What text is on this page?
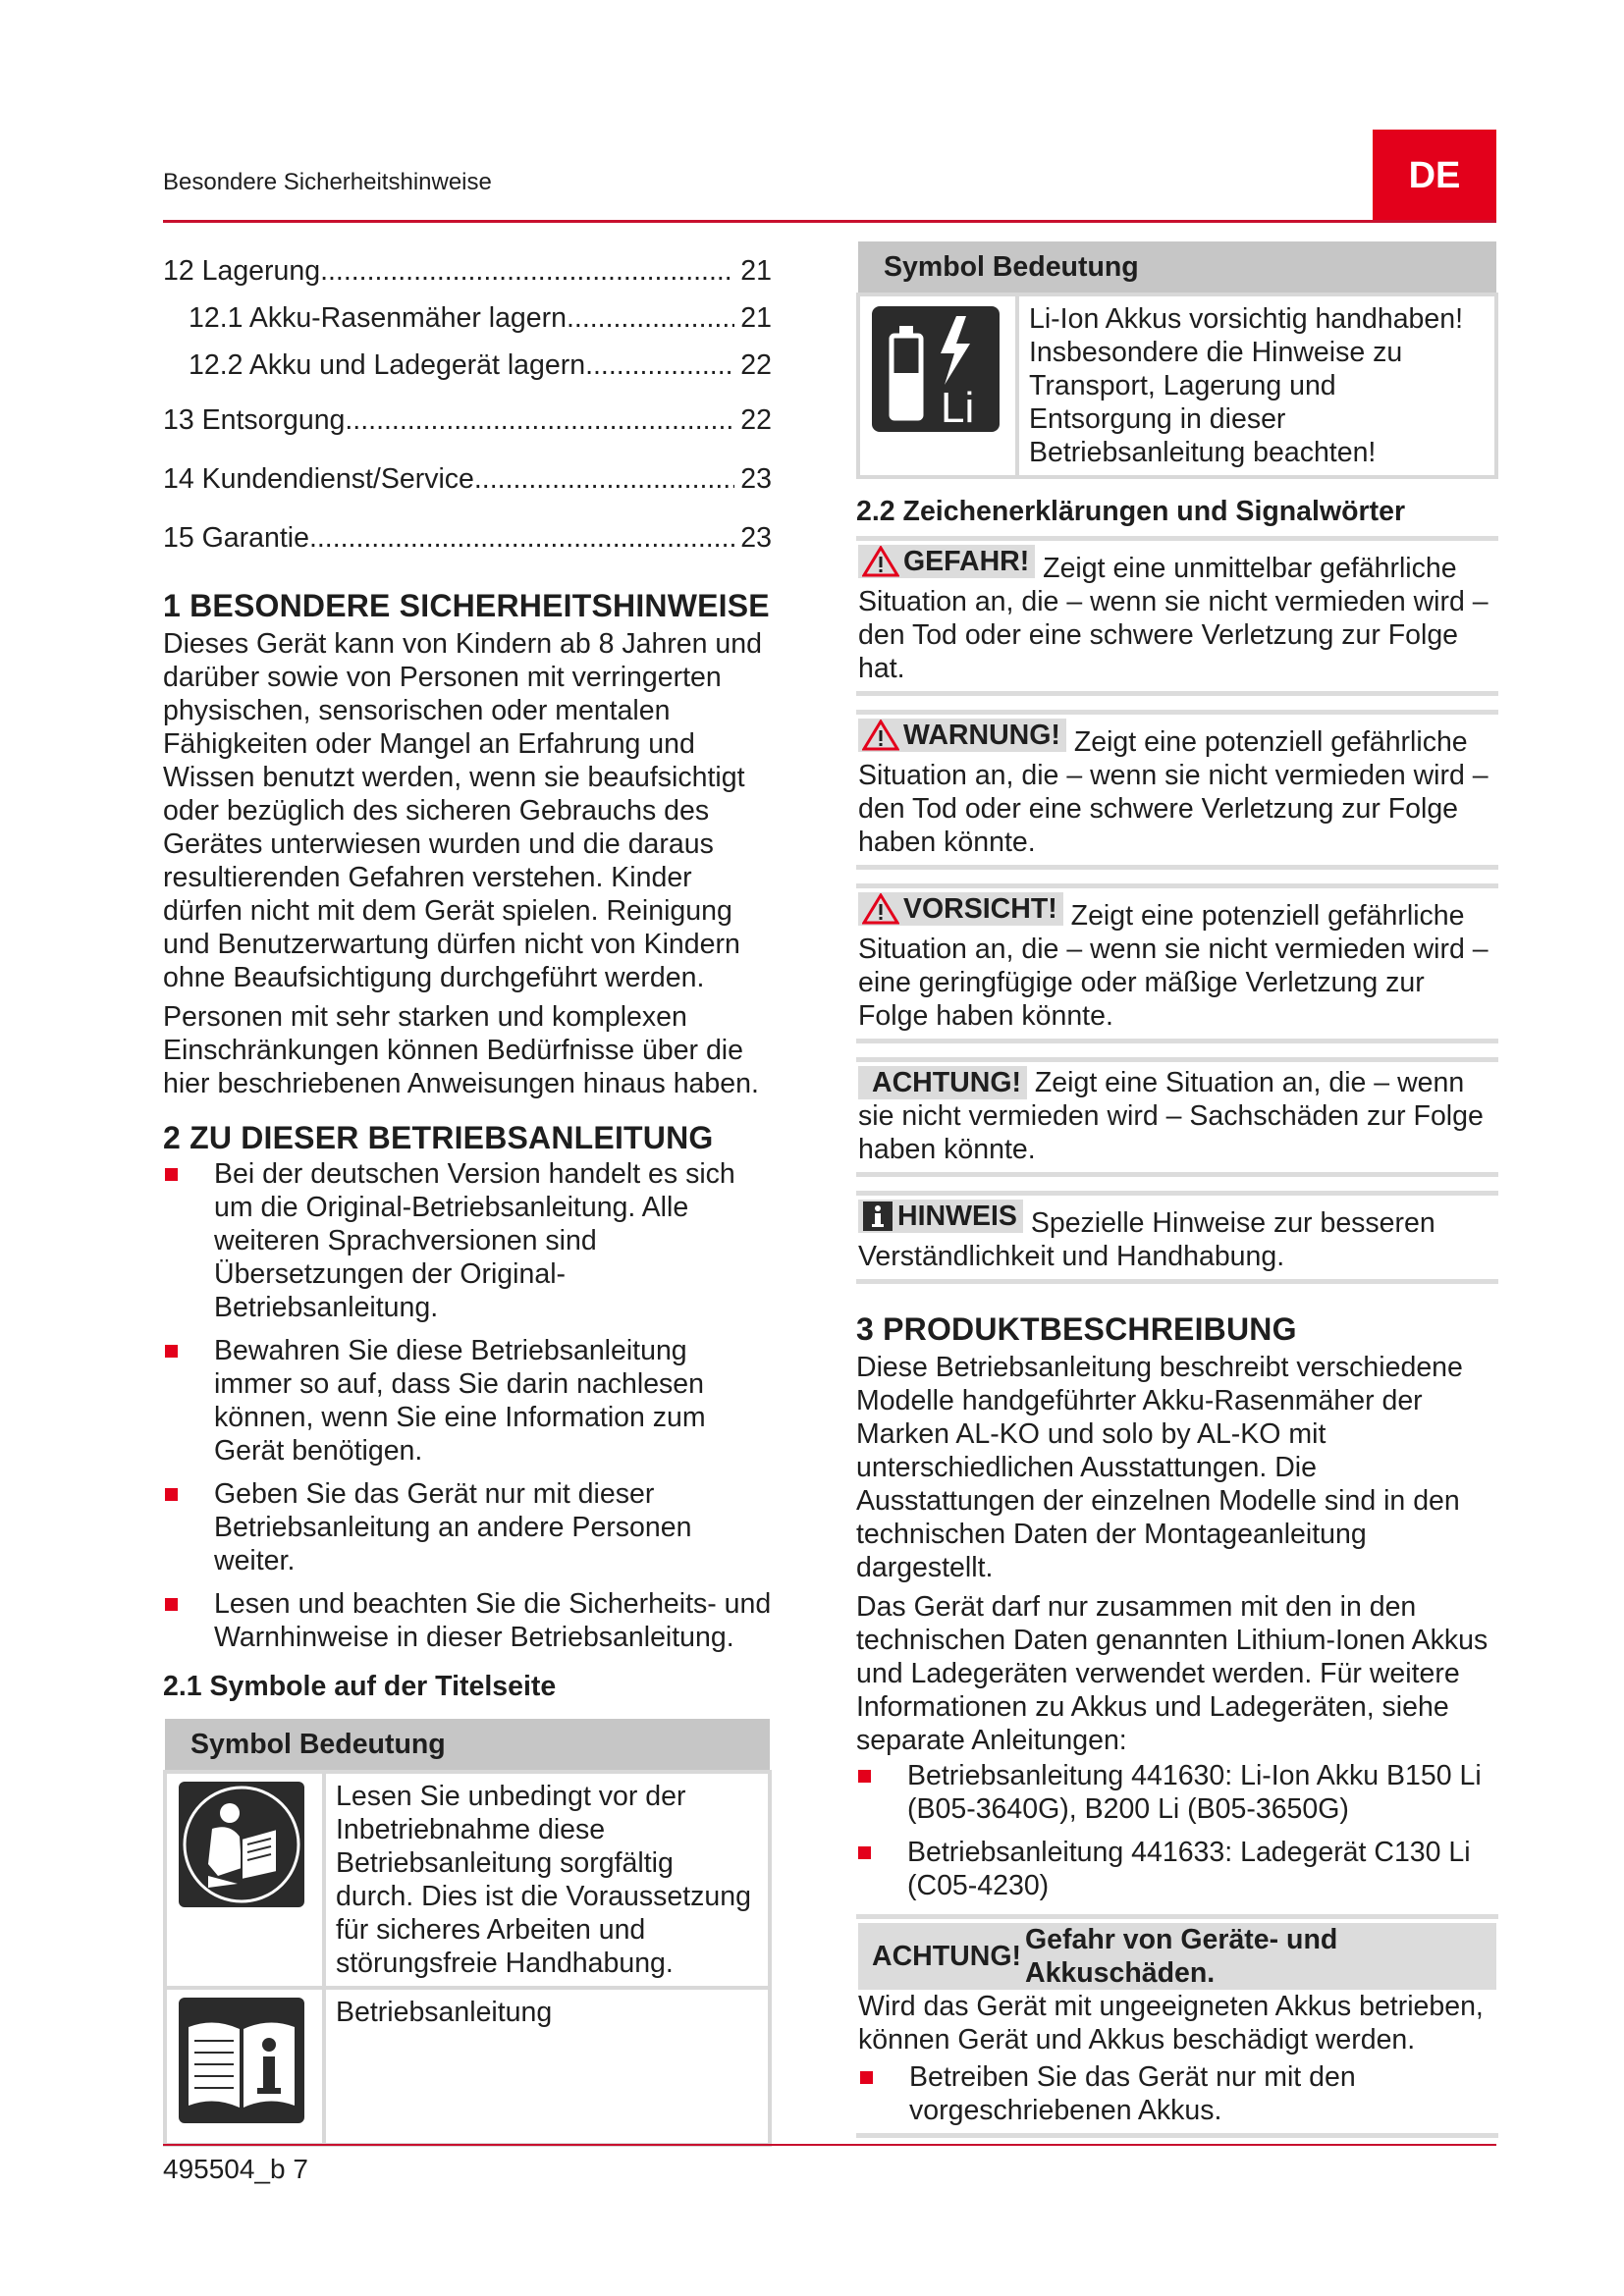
Besondere Sicherheitshinweise	DE
12 Lagerung .....	21
12.1 Akku-Rasenmäher lagern .....	21
12.2 Akku und Ladegerät lagern .....	22
13 Entsorgung .....	22
14 Kundendienst/Service .....	23
15 Garantie .....	23
1 BESONDERE SICHERHEITSHINWEISE

Dieses Gerät kann von Kindern ab 8 Jahren und darüber sowie von Personen mit verringerten physischen, sensorischen oder mentalen Fähigkeiten oder Mangel an Erfahrung und Wissen benutzt werden, wenn sie beaufsichtigt oder bezüglich des sicheren Gebrauchs des Gerätes unterwiesen wurden und die daraus resultierenden Gefahren verstehen. Kinder dürfen nicht mit dem Gerät spielen. Reinigung und Benutzerwartung dürfen nicht von Kindern ohne Beaufsichtigung durchgeführt werden.

Personen mit sehr starken und komplexen Einschränkungen können Bedürfnisse über die hier beschriebenen Anweisungen hinaus haben.

2 ZU DIESER BETRIEBSANLEITUNG
Bei der deutschen Version handelt es sich um die Original-Betriebsanleitung. Alle weiteren Sprachversionen sind Übersetzungen der Original-Betriebsanleitung.
Bewahren Sie diese Betriebsanleitung immer so auf, dass Sie darin nachlesen können, wenn Sie eine Information zum Gerät benötigen.
Geben Sie das Gerät nur mit dieser Betriebsanleitung an andere Personen weiter.
Lesen und beachten Sie die Sicherheits- und Warnhinweise in dieser Betriebsanleitung.
2.1 Symbole auf der Titelseite
Symbol Bedeutung	
	Lesen Sie unbedingt vor der Inbetriebnahme diese Betriebsanleitung sorgfältig durch. Dies ist die Voraussetzung für sicheres Arbeiten und störungsfreie Handhabung.
	Betriebsanleitung
Symbol Bedeutung

Li
	Li-Ion Akkus vorsichtig handhaben! Insbesondere die Hinweise zu Transport, Lagerung und Entsorgung in dieser Betriebsanleitung beachten!
2.2 Zeichenerklärungen und Signalwörter
GEFAHR! Zeigt eine unmittelbar gefährliche Situation an, die – wenn sie nicht vermieden wird – den Tod oder eine schwere Verletzung zur Folge hat.
WARNUNG! Zeigt eine potenziell gefährliche Situation an, die – wenn sie nicht vermieden wird – den Tod oder eine schwere Verletzung zur Folge haben könnte.
VORSICHT! Zeigt eine potenziell gefährliche Situation an, die – wenn sie nicht vermieden wird – eine geringfügige oder mäßige Verletzung zur Folge haben könnte.
ACHTUNG! Zeigt eine Situation an, die – wenn sie nicht vermieden wird – Sachschäden zur Folge haben könnte.
HINWEIS Spezielle Hinweise zur besseren Verständlichkeit und Handhabung.
3 PRODUKTBESCHREIBUNG

Diese Betriebsanleitung beschreibt verschiedene Modelle handgeführter Akku-Rasenmäher der Marken AL-KO und solo by AL-KO mit unterschiedlichen Ausstattungen. Die Ausstattungen der einzelnen Modelle sind in den technischen Daten der Montageanleitung dargestellt.

Das Gerät darf nur zusammen mit den in den technischen Daten genannten Lithium-Ionen Akkus und Ladegeräten verwendet werden. Für weitere Informationen zu Akkus und Ladegeräten, siehe separate Anleitungen:

Betriebsanleitung 441630: Li-Ion Akku B150 Li (B05-3640G), B200 Li (B05-3650G)
Betriebsanleitung 441633: Ladegerät C130 Li (C05-4230)
ACHTUNG!
Gefahr von Geräte- und Akkuschäden.
Wird das Gerät mit ungeeigneten Akkus betrieben, können Gerät und Akkus beschädigt werden.
Betreiben Sie das Gerät nur mit den vorgeschriebenen Akkus.
495504_b 7
